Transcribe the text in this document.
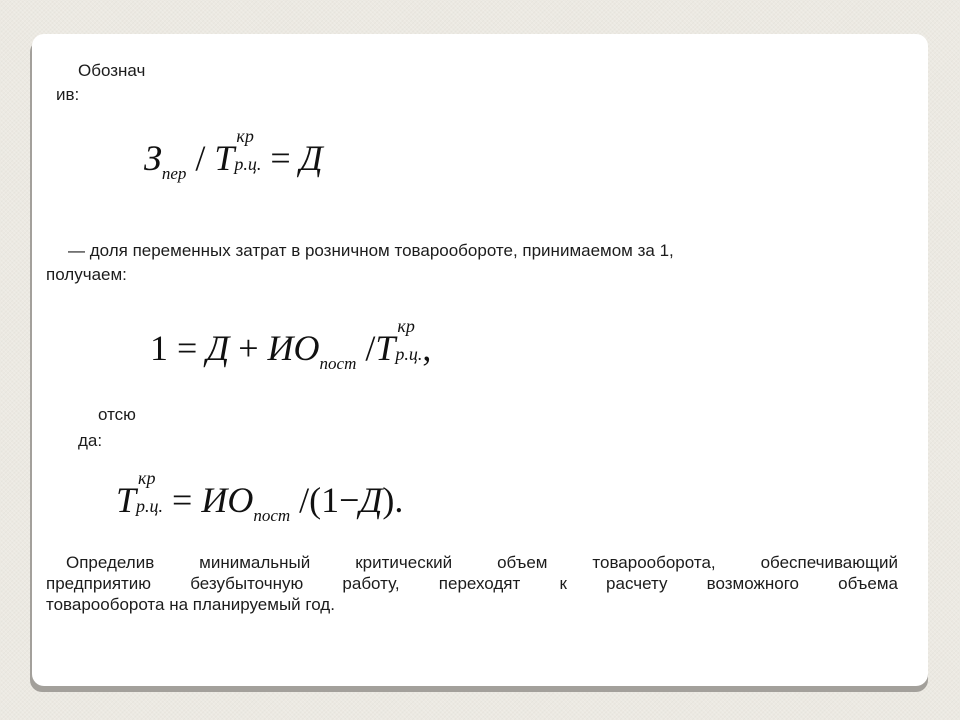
Обознач
ив:
$З_{пер}$ / Т
кр
р.ц. = Д
— доля переменных затрат в розничном товарообороте, принимаемом за 1,
получаем:
$1 = Д + ИО_{пост}$ /Т
кр
р.ц.,
отсю
да:
Т
кр
р.ц. = $ИО_{пост}$ /(1−Д).
Определив минимальный критический объем товарооборота, обеспечивающий
предприятию безубыточную работу, переходят к расчету возможного объема
товарооборота на планируемый год.
